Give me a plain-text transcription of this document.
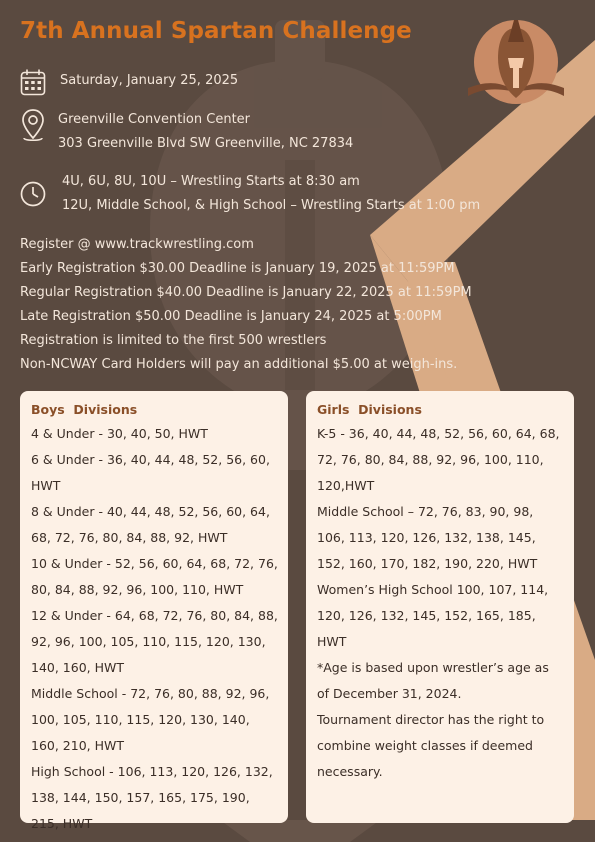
7th Annual Spartan Challenge
Saturday, January 25, 2025
Greenville Convention Center
303 Greenville Blvd SW Greenville, NC 27834
4U, 6U, 8U, 10U – Wrestling Starts at 8:30 am
12U, Middle School, & High School – Wrestling Starts at 1:00 pm
Register @ www.trackwrestling.com
Early Registration $30.00 Deadline is January 19, 2025 at 11:59PM
Regular Registration $40.00 Deadline is January 22, 2025 at 11:59PM
Late Registration $50.00 Deadline is January 24, 2025 at 5:00PM
Registration is limited to the first 500 wrestlers
Non-NCWAY Card Holders will pay an additional $5.00 at weigh-ins.
Boys  Divisions
4 & Under - 30, 40, 50, HWT
6 & Under - 36, 40, 44, 48, 52, 56, 60, HWT
8 & Under - 40, 44, 48, 52, 56, 60, 64, 68, 72, 76, 80, 84, 88, 92, HWT
10 & Under - 52, 56, 60, 64, 68, 72, 76, 80, 84, 88, 92, 96, 100, 110, HWT
12 & Under - 64, 68, 72, 76, 80, 84, 88, 92, 96, 100, 105, 110, 115, 120, 130, 140, 160, HWT
Middle School - 72, 76, 80, 88, 92, 96, 100, 105, 110, 115, 120, 130, 140, 160, 210, HWT
High School - 106, 113, 120, 126, 132, 138, 144, 150, 157, 165, 175, 190, 215, HWT
Girls  Divisions
K-5 - 36, 40, 44, 48, 52, 56, 60, 64, 68, 72, 76, 80, 84, 88, 92, 96, 100, 110, 120,HWT
Middle School – 72, 76, 83, 90, 98, 106, 113, 120, 126, 132, 138, 145, 152, 160, 170, 182, 190, 220, HWT
Women’s High School 100, 107, 114, 120, 126, 132, 145, 152, 165, 185, HWT
*Age is based upon wrestler’s age as of December 31, 2024.
Tournament director has the right to combine weight classes if deemed necessary.
